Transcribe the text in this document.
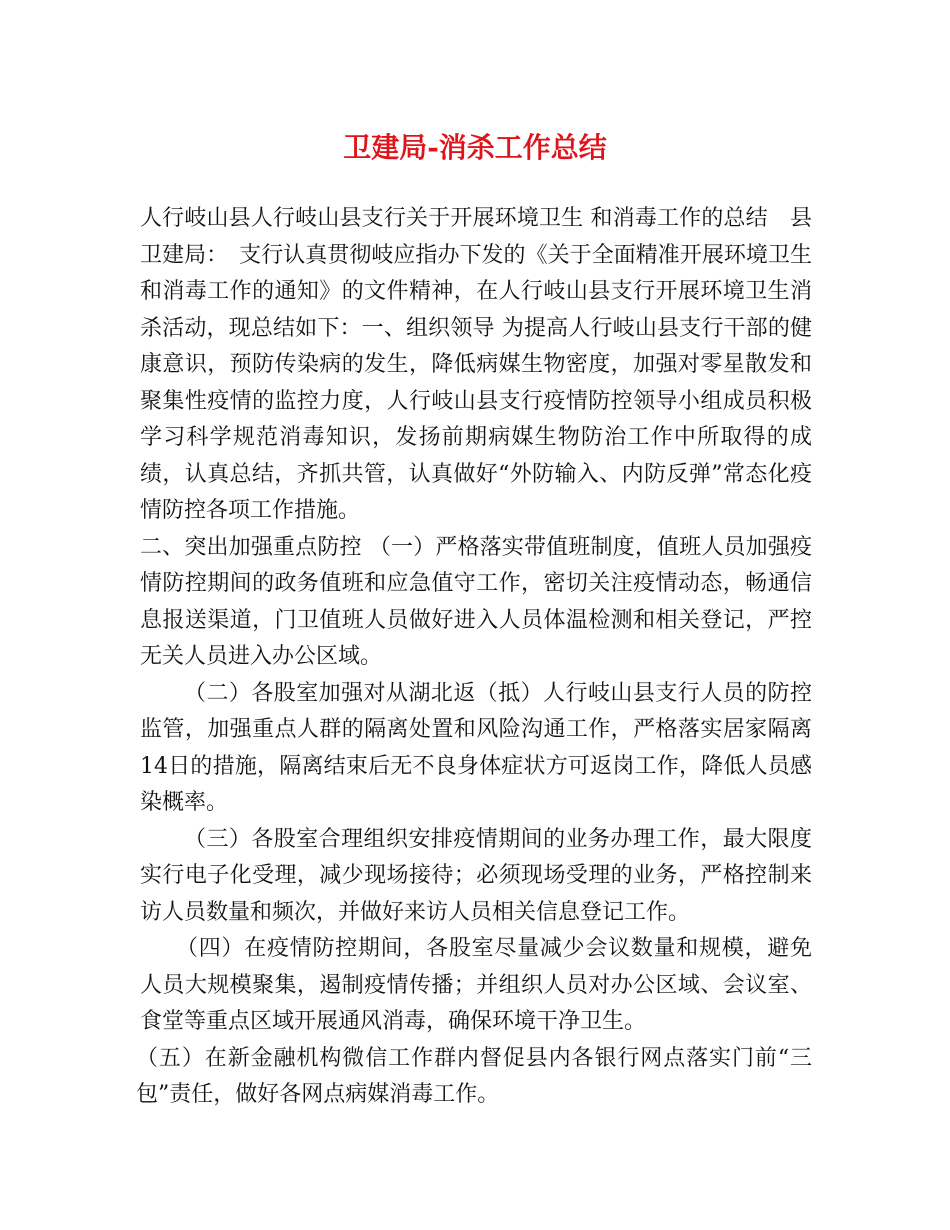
卫建局-消杀工作总结

人行岐山县人行岐山县支行关于开展环境卫生 和消毒工作的总结　县卫建局：　支行认真贯彻岐应指办下发的《关于全面精准开展环境卫生和消毒工作的通知》的文件精神，在人行岐山县支行开展环境卫生消杀活动，现总结如下：一、组织领导 为提高人行岐山县支行干部的健康意识，预防传染病的发生，降低病媒生物密度，加强对零星散发和聚集性疫情的监控力度，人行岐山县支行疫情防控领导小组成员积极学习科学规范消毒知识，发扬前期病媒生物防治工作中所取得的成绩，认真总结，齐抓共管，认真做好“外防输入、内防反弹”常态化疫情防控各项工作措施。

二、突出加强重点防控 （一）严格落实带值班制度，值班人员加强疫情防控期间的政务值班和应急值守工作，密切关注疫情动态，畅通信息报送渠道，门卫值班人员做好进入人员体温检测和相关登记，严控无关人员进入办公区域。

（二）各股室加强对从湖北返（抵）人行岐山县支行人员的防控监管，加强重点人群的隔离处置和风险沟通工作，严格落实居家隔离 14日的措施，隔离结束后无不良身体症状方可返岗工作，降低人员感染概率。

（三）各股室合理组织安排疫情期间的业务办理工作，最大限度实行电子化受理，减少现场接待；必须现场受理的业务，严格控制来访人员数量和频次，并做好来访人员相关信息登记工作。

（四）在疫情防控期间，各股室尽量减少会议数量和规模，避免人员大规模聚集，遏制疫情传播；并组织人员对办公区域、会议室、食堂等重点区域开展通风消毒，确保环境干净卫生。

（五）在新金融机构微信工作群内督促县内各银行网点落实门前“三包”责任，做好各网点病媒消毒工作。
